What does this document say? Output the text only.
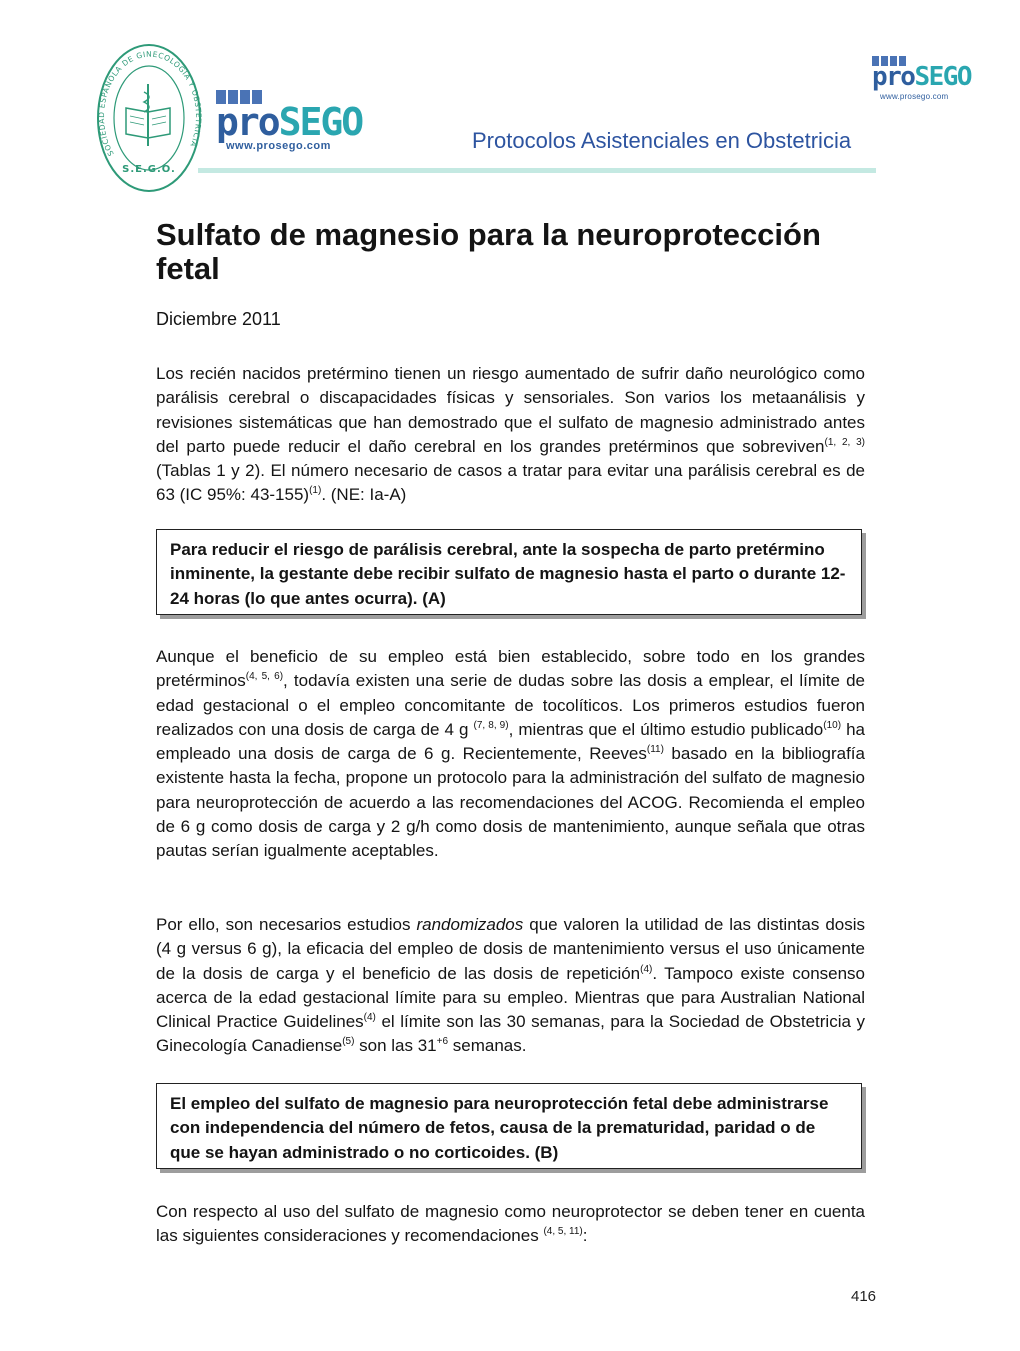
SOCIEDAD ESPAÑOLA DE GINECOLOGÍA Y OBST RICIA
S.E.G.O.
proSEGO
www.prosego.com
proSEGO
www.prosego.com
Protocolos Asistenciales en Obstetricia
Sulfato de magnesio para la neuroprotección fetal
Diciembre 2011

Los recién nacidos pretérmino tienen un riesgo aumentado de sufrir daño neurológico como parálisis cerebral o discapacidades físicas y sensoriales. Son varios los metaanálisis y revisiones sistemáticas que han demostrado que el sulfato de magnesio administrado antes del parto puede reducir el daño cerebral en los grandes pretérminos que sobreviven$^{(1, 2, 3)}$ (Tablas 1 y 2). El número necesario de casos a tratar para evitar una parálisis cerebral es de 63 (IC 95%: 43-155)$^{(1)}$. (NE: Ia-A)

Para reducir el riesgo de parálisis cerebral, ante la sospecha de parto pretérmino inminente, la gestante debe recibir sulfato de magnesio hasta el parto o durante 12-24 horas (lo que antes ocurra). (A)

Aunque el beneficio de su empleo está bien establecido, sobre todo en los grandes pretérminos$^{(4, 5, 6)}$, todavía existen una serie de dudas sobre las dosis a emplear, el límite de edad gestacional o el empleo concomitante de tocolíticos. Los primeros estudios fueron realizados con una dosis de carga de 4 g $^{(7, 8, 9)}$, mientras que el último estudio publicado$^{(10)}$ ha empleado una dosis de carga de 6 g. Recientemente, Reeves$^{(11)}$ basado en la bibliografía existente hasta la fecha, propone un protocolo para la administración del sulfato de magnesio para neuroprotección de acuerdo a las recomendaciones del ACOG. Recomienda el empleo de 6 g como dosis de carga y 2 g/h como dosis de mantenimiento, aunque señala que otras pautas serían igualmente aceptables.

Por ello, son necesarios estudios randomizados que valoren la utilidad de las distintas dosis (4 g versus 6 g), la eficacia del empleo de dosis de mantenimiento versus el uso únicamente de la dosis de carga y el beneficio de las dosis de repetición$^{(4)}$. Tampoco existe consenso acerca de la edad gestacional límite para su empleo. Mientras que para Australian National Clinical Practice Guidelines$^{(4)}$ el límite son las 30 semanas, para la Sociedad de Obstetricia y Ginecología Canadiense$^{(5)}$ son las $31^{+6}$ semanas.

El empleo del sulfato de magnesio para neuroprotección fetal debe administrarse con independencia del número de fetos, causa de la prematuridad, paridad o de que se hayan administrado o no corticoides. (B)

Con respecto al uso del sulfato de magnesio como neuroprotector se deben tener en cuenta las siguientes consideraciones y recomendaciones $^{(4, 5, 11)}$:

416
